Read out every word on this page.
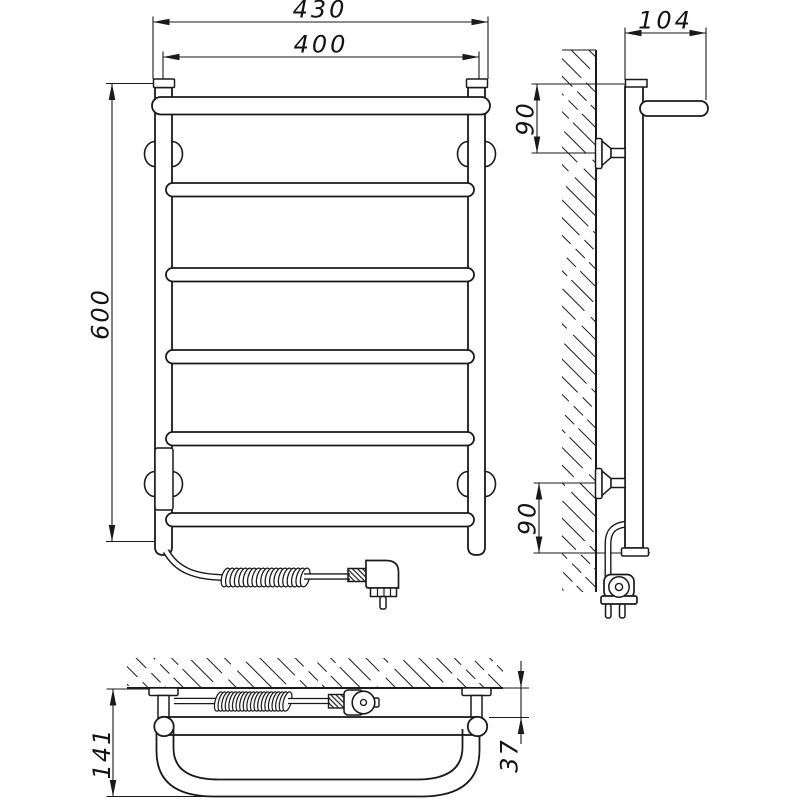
430
400
600
104
90
90
141	37
